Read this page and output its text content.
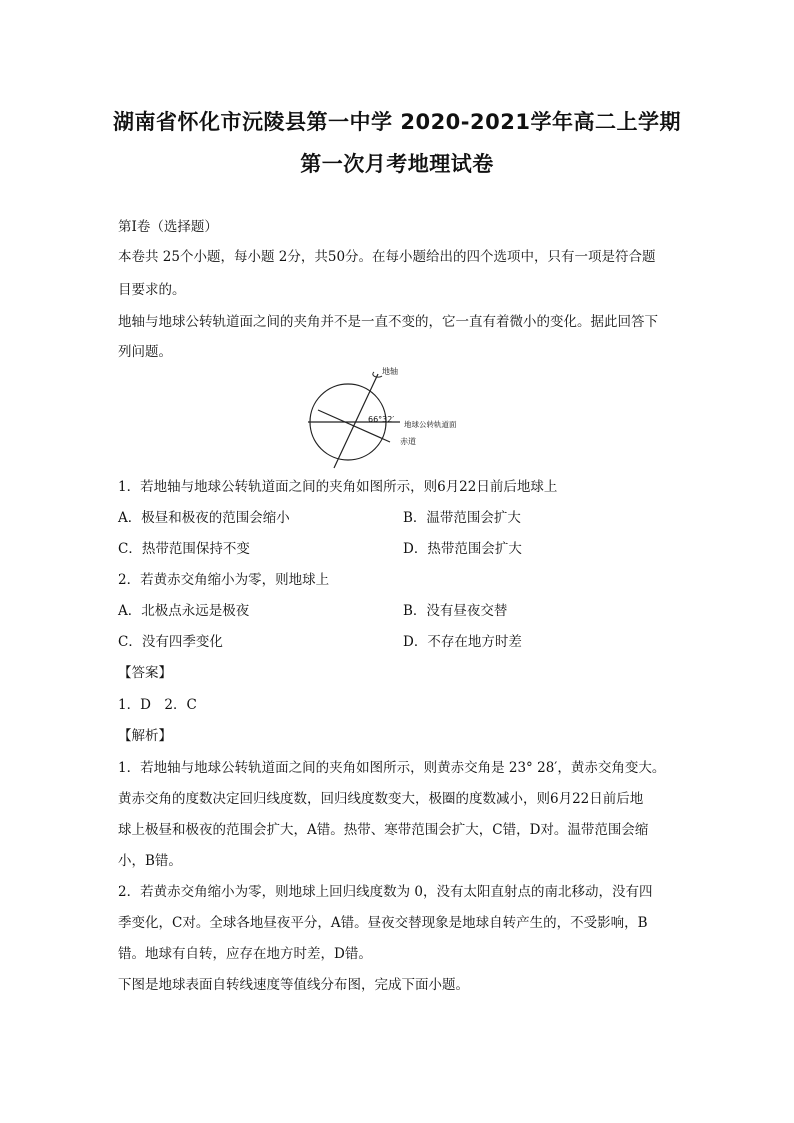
湖南省怀化市沅陵县第一中学 2020-2021学年高二上学期
第一次月考地理试卷
第Ⅰ卷（选择题）
本卷共 25个小题，每小题 2分，共50分。在每小题给出的四个选项中，只有一项是符合题
目要求的。
地轴与地球公转轨道面之间的夹角并不是一直不变的，它一直有着微小的变化。据此回答下
列问题。
地轴
66°32′
地球公转轨道面
赤道
1．若地轴与地球公转轨道面之间的夹角如图所示，则6月22日前后地球上
A．极昼和极夜的范围会缩小	B．温带范围会扩大
C．热带范围保持不变	D．热带范围会扩大
2．若黄赤交角缩小为零，则地球上
A．北极点永远是极夜	B．没有昼夜交替
C．没有四季变化	D．不存在地方时差
【答案】
1．D　2．C
【解析】
1．若地轴与地球公转轨道面之间的夹角如图所示，则黄赤交角是 23° 28′，黄赤交角变大。
黄赤交角的度数决定回归线度数，回归线度数变大，极圈的度数减小，则6月22日前后地
球上极昼和极夜的范围会扩大，A错。热带、寒带范围会扩大，C错，D对。温带范围会缩
小，B错。
2．若黄赤交角缩小为零，则地球上回归线度数为 0，没有太阳直射点的南北移动，没有四
季变化，C对。全球各地昼夜平分，A错。昼夜交替现象是地球自转产生的，不受影响，B
错。地球有自转，应存在地方时差，D错。
下图是地球表面自转线速度等值线分布图，完成下面小题。
